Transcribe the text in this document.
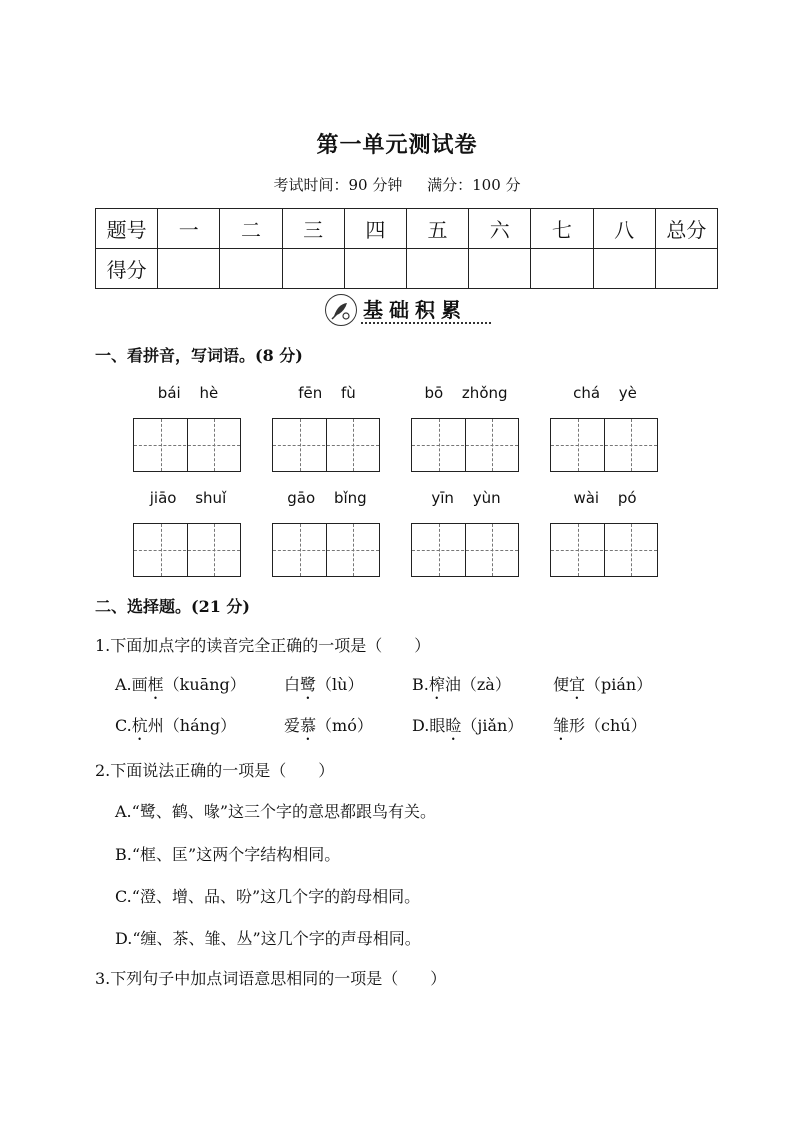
第一单元测试卷
考试时间：90 分钟 满分：100 分
题号	一	二	三	四	五	六	七	八	总分
得分									
基础积累
一、看拼音，写词语。(8 分)
bái hè	fēn fù	bō zhǒng	chá yè
jiāo shuǐ	gāo bǐng	yīn yùn	wài pó
二、选择题。(21 分)
1.下面加点字的读音完全正确的一项是（　　）
A.画框（kuāng） 白鹭（lù）	B.榨油（zà）	便宜（pián）
C.杭州（háng）	爱慕（mó） D.眼睑（jiǎn） 雏形（chú）
2.下面说法正确的一项是（　　）
A.“鹭、鹤、喙”这三个字的意思都跟鸟有关。
B.“框、匡”这两个字结构相同。
C.“澄、增、品、吩”这几个字的韵母相同。
D.“缠、茶、雏、丛”这几个字的声母相同。
3.下列句子中加点词语意思相同的一项是（　　）
